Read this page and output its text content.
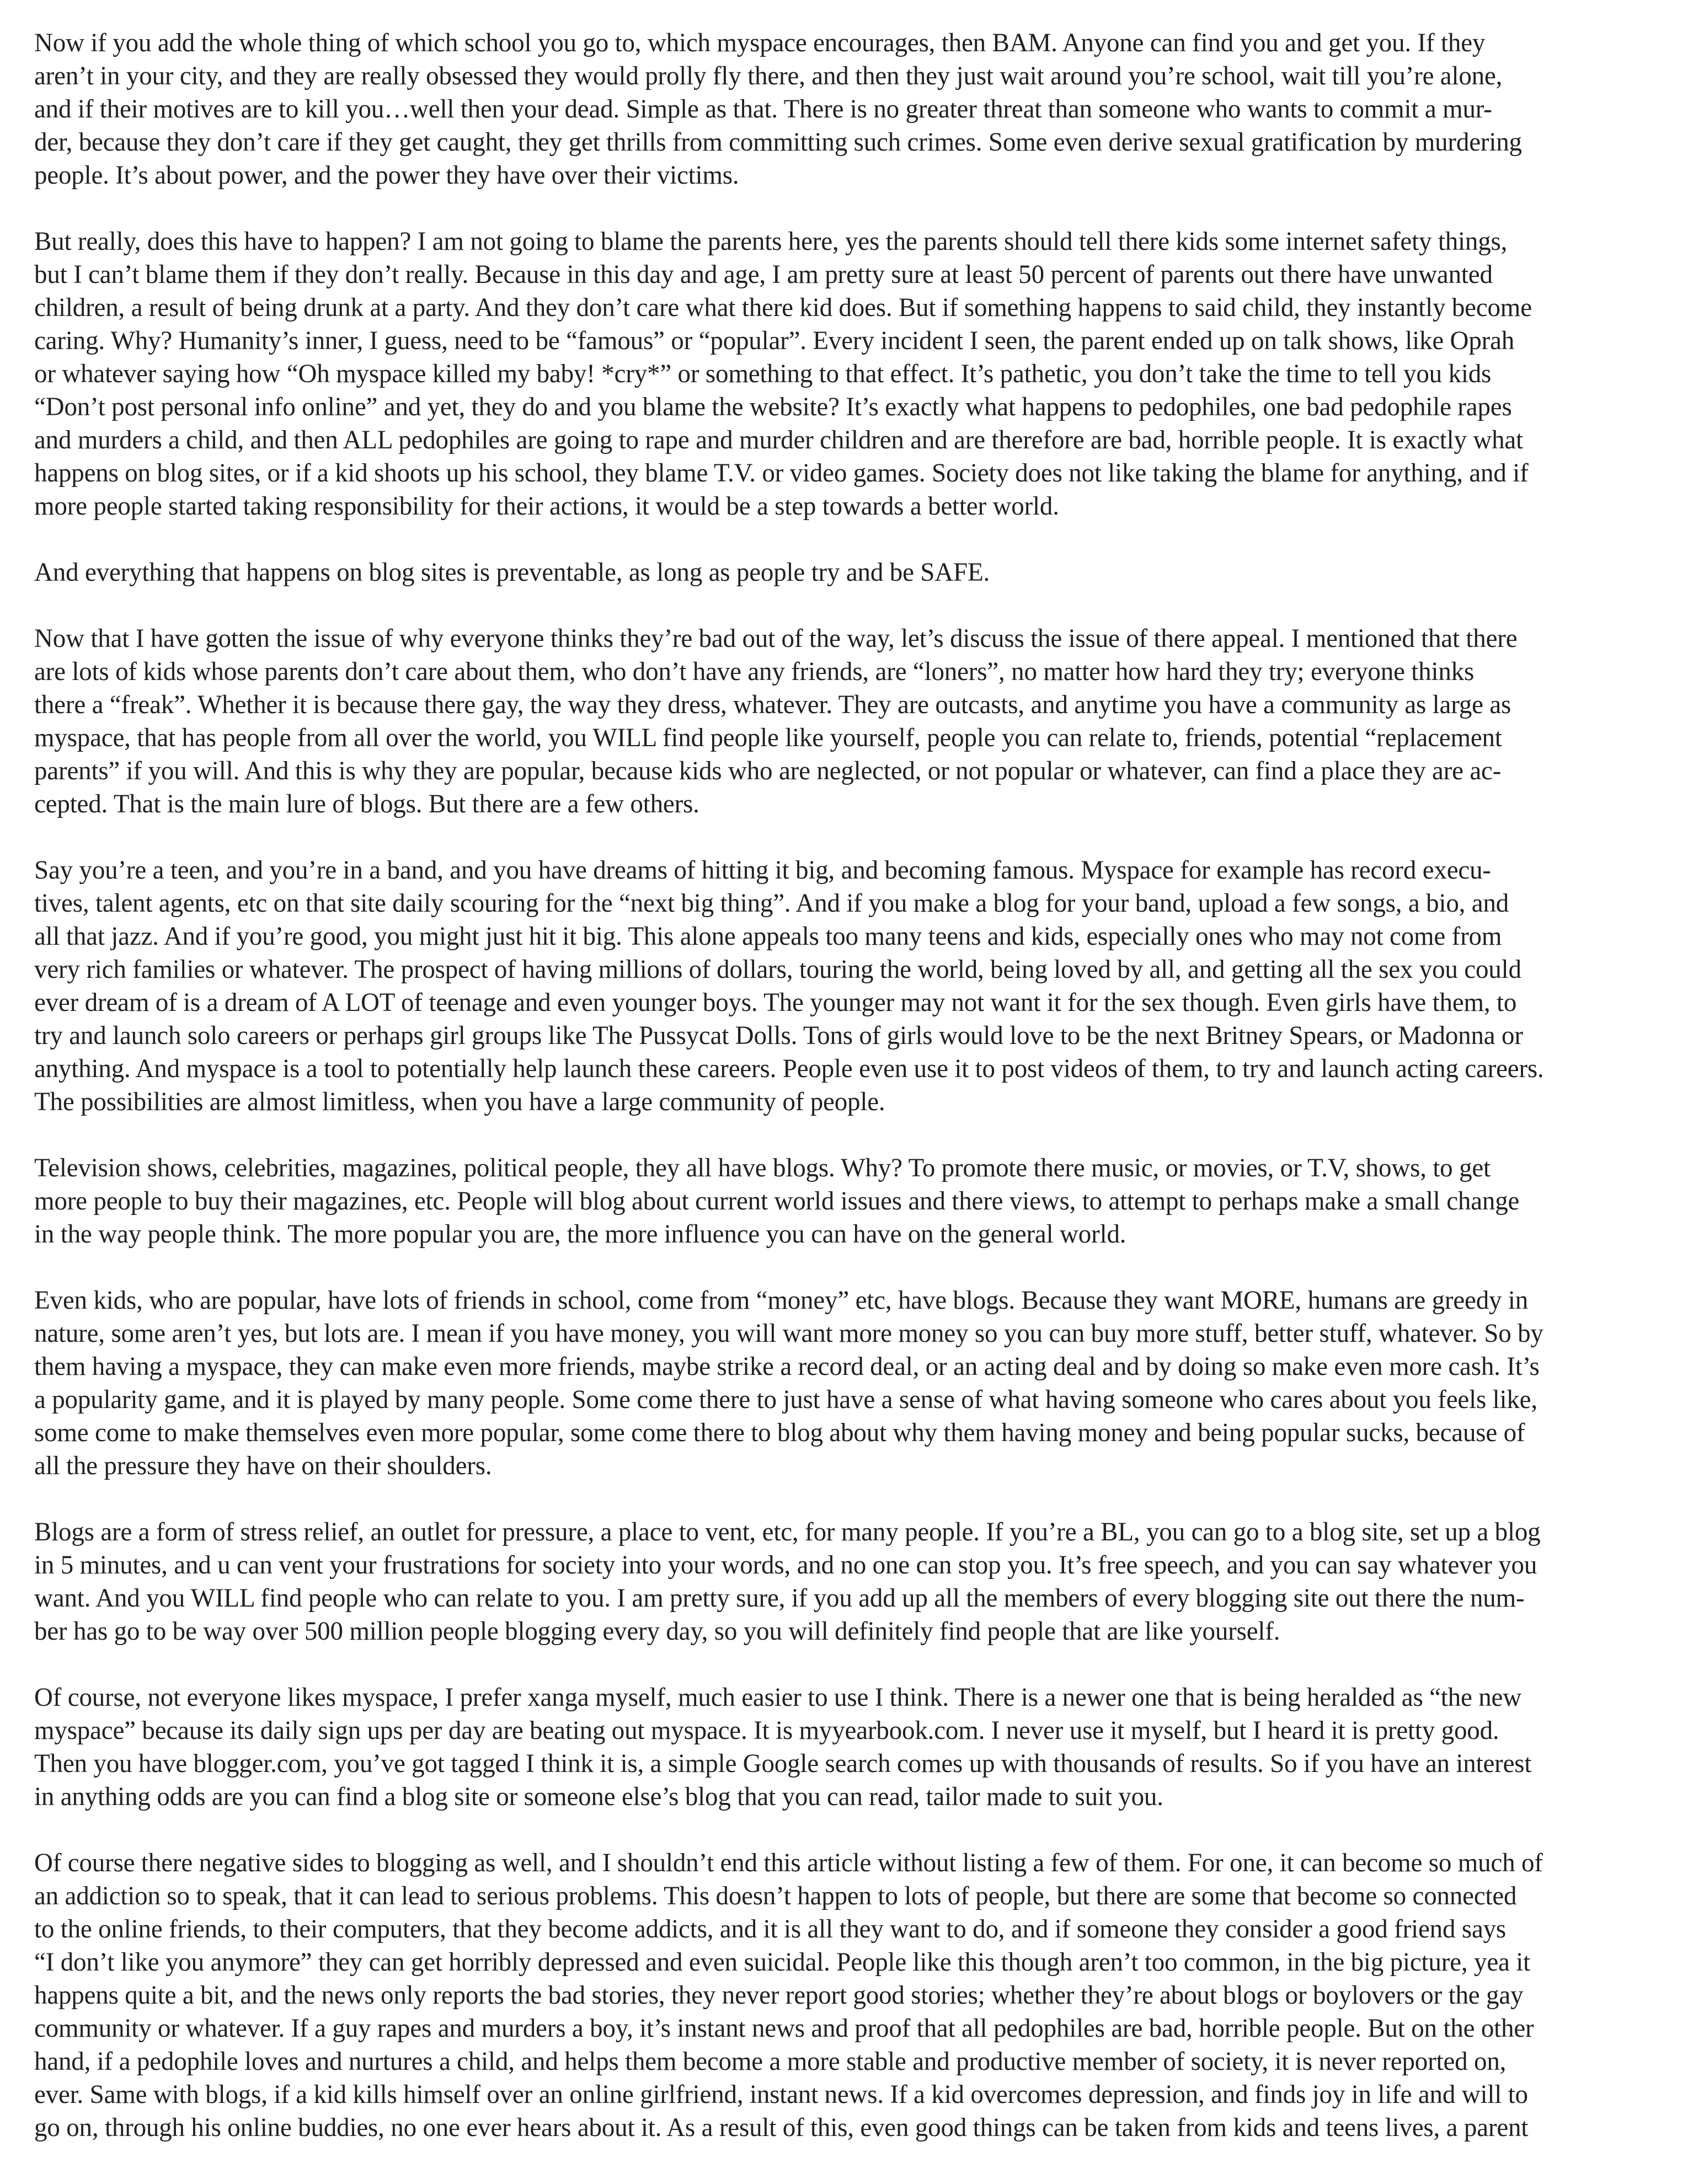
Now if you add the whole thing of which school you go to, which myspace encourages, then BAM. Anyone can find you and get you. If they
aren’t in your city, and they are really obsessed they would prolly fly there, and then they just wait around you’re school, wait till you’re alone,
and if their motives are to kill you…well then your dead. Simple as that. There is no greater threat than someone who wants to commit a mur-
der, because they don’t care if they get caught, they get thrills from committing such crimes. Some even derive sexual gratification by murdering
people. It’s about power, and the power they have over their victims.
But really, does this have to happen? I am not going to blame the parents here, yes the parents should tell there kids some internet safety things,
but I can’t blame them if they don’t really. Because in this day and age, I am pretty sure at least 50 percent of parents out there have unwanted
children, a result of being drunk at a party. And they don’t care what there kid does. But if something happens to said child, they instantly become
caring. Why? Humanity’s inner, I guess, need to be “famous” or “popular”. Every incident I seen, the parent ended up on talk shows, like Oprah
or whatever saying how “Oh myspace killed my baby! *cry*” or something to that effect. It’s pathetic, you don’t take the time to tell you kids
“Don’t post personal info online” and yet, they do and you blame the website? It’s exactly what happens to pedophiles, one bad pedophile rapes
and murders a child, and then ALL pedophiles are going to rape and murder children and are therefore are bad, horrible people. It is exactly what
happens on blog sites, or if a kid shoots up his school, they blame T.V. or video games. Society does not like taking the blame for anything, and if
more people started taking responsibility for their actions, it would be a step towards a better world.
And everything that happens on blog sites is preventable, as long as people try and be SAFE.
Now that I have gotten the issue of why everyone thinks they’re bad out of the way, let’s discuss the issue of there appeal. I mentioned that there
are lots of kids whose parents don’t care about them, who don’t have any friends, are “loners”, no matter how hard they try; everyone thinks
there a “freak”. Whether it is because there gay, the way they dress, whatever. They are outcasts, and anytime you have a community as large as
myspace, that has people from all over the world, you WILL find people like yourself, people you can relate to, friends, potential “replacement
parents” if you will. And this is why they are popular, because kids who are neglected, or not popular or whatever, can find a place they are ac-
cepted. That is the main lure of blogs. But there are a few others.
Say you’re a teen, and you’re in a band, and you have dreams of hitting it big, and becoming famous. Myspace for example has record execu-
tives, talent agents, etc on that site daily scouring for the “next big thing”. And if you make a blog for your band, upload a few songs, a bio, and
all that jazz. And if you’re good, you might just hit it big. This alone appeals too many teens and kids, especially ones who may not come from
very rich families or whatever. The prospect of having millions of dollars, touring the world, being loved by all, and getting all the sex you could
ever dream of is a dream of A LOT of teenage and even younger boys. The younger may not want it for the sex though. Even girls have them, to
try and launch solo careers or perhaps girl groups like The Pussycat Dolls. Tons of girls would love to be the next Britney Spears, or Madonna or
anything. And myspace is a tool to potentially help launch these careers. People even use it to post videos of them, to try and launch acting careers.
The possibilities are almost limitless, when you have a large community of people.
Television shows, celebrities, magazines, political people, they all have blogs. Why? To promote there music, or movies, or T.V, shows, to get
more people to buy their magazines, etc. People will blog about current world issues and there views, to attempt to perhaps make a small change
in the way people think. The more popular you are, the more influence you can have on the general world.
Even kids, who are popular, have lots of friends in school, come from “money” etc, have blogs. Because they want MORE, humans are greedy in
nature, some aren’t yes, but lots are. I mean if you have money, you will want more money so you can buy more stuff, better stuff, whatever. So by
them having a myspace, they can make even more friends, maybe strike a record deal, or an acting deal and by doing so make even more cash. It’s
a popularity game, and it is played by many people. Some come there to just have a sense of what having someone who cares about you feels like,
some come to make themselves even more popular, some come there to blog about why them having money and being popular sucks, because of
all the pressure they have on their shoulders.
Blogs are a form of stress relief, an outlet for pressure, a place to vent, etc, for many people. If you’re a BL, you can go to a blog site, set up a blog
in 5 minutes, and u can vent your frustrations for society into your words, and no one can stop you. It’s free speech, and you can say whatever you
want. And you WILL find people who can relate to you. I am pretty sure, if you add up all the members of every blogging site out there the num-
ber has go to be way over 500 million people blogging every day, so you will definitely find people that are like yourself.
Of course, not everyone likes myspace, I prefer xanga myself, much easier to use I think. There is a newer one that is being heralded as “the new
myspace” because its daily sign ups per day are beating out myspace. It is myyearbook.com. I never use it myself, but I heard it is pretty good.
Then you have blogger.com, you’ve got tagged I think it is, a simple Google search comes up with thousands of results. So if you have an interest
in anything odds are you can find a blog site or someone else’s blog that you can read, tailor made to suit you.
Of course there negative sides to blogging as well, and I shouldn’t end this article without listing a few of them. For one, it can become so much of
an addiction so to speak, that it can lead to serious problems. This doesn’t happen to lots of people, but there are some that become so connected
to the online friends, to their computers, that they become addicts, and it is all they want to do, and if someone they consider a good friend says
“I don’t like you anymore” they can get horribly depressed and even suicidal. People like this though aren’t too common, in the big picture, yea it
happens quite a bit, and the news only reports the bad stories, they never report good stories; whether they’re about blogs or boylovers or the gay
community or whatever. If a guy rapes and murders a boy, it’s instant news and proof that all pedophiles are bad, horrible people. But on the other
hand, if a pedophile loves and nurtures a child, and helps them become a more stable and productive member of society, it is never reported on,
ever. Same with blogs, if a kid kills himself over an online girlfriend, instant news. If a kid overcomes depression, and finds joy in life and will to
go on, through his online buddies, no one ever hears about it. As a result of this, even good things can be taken from kids and teens lives, a parent
